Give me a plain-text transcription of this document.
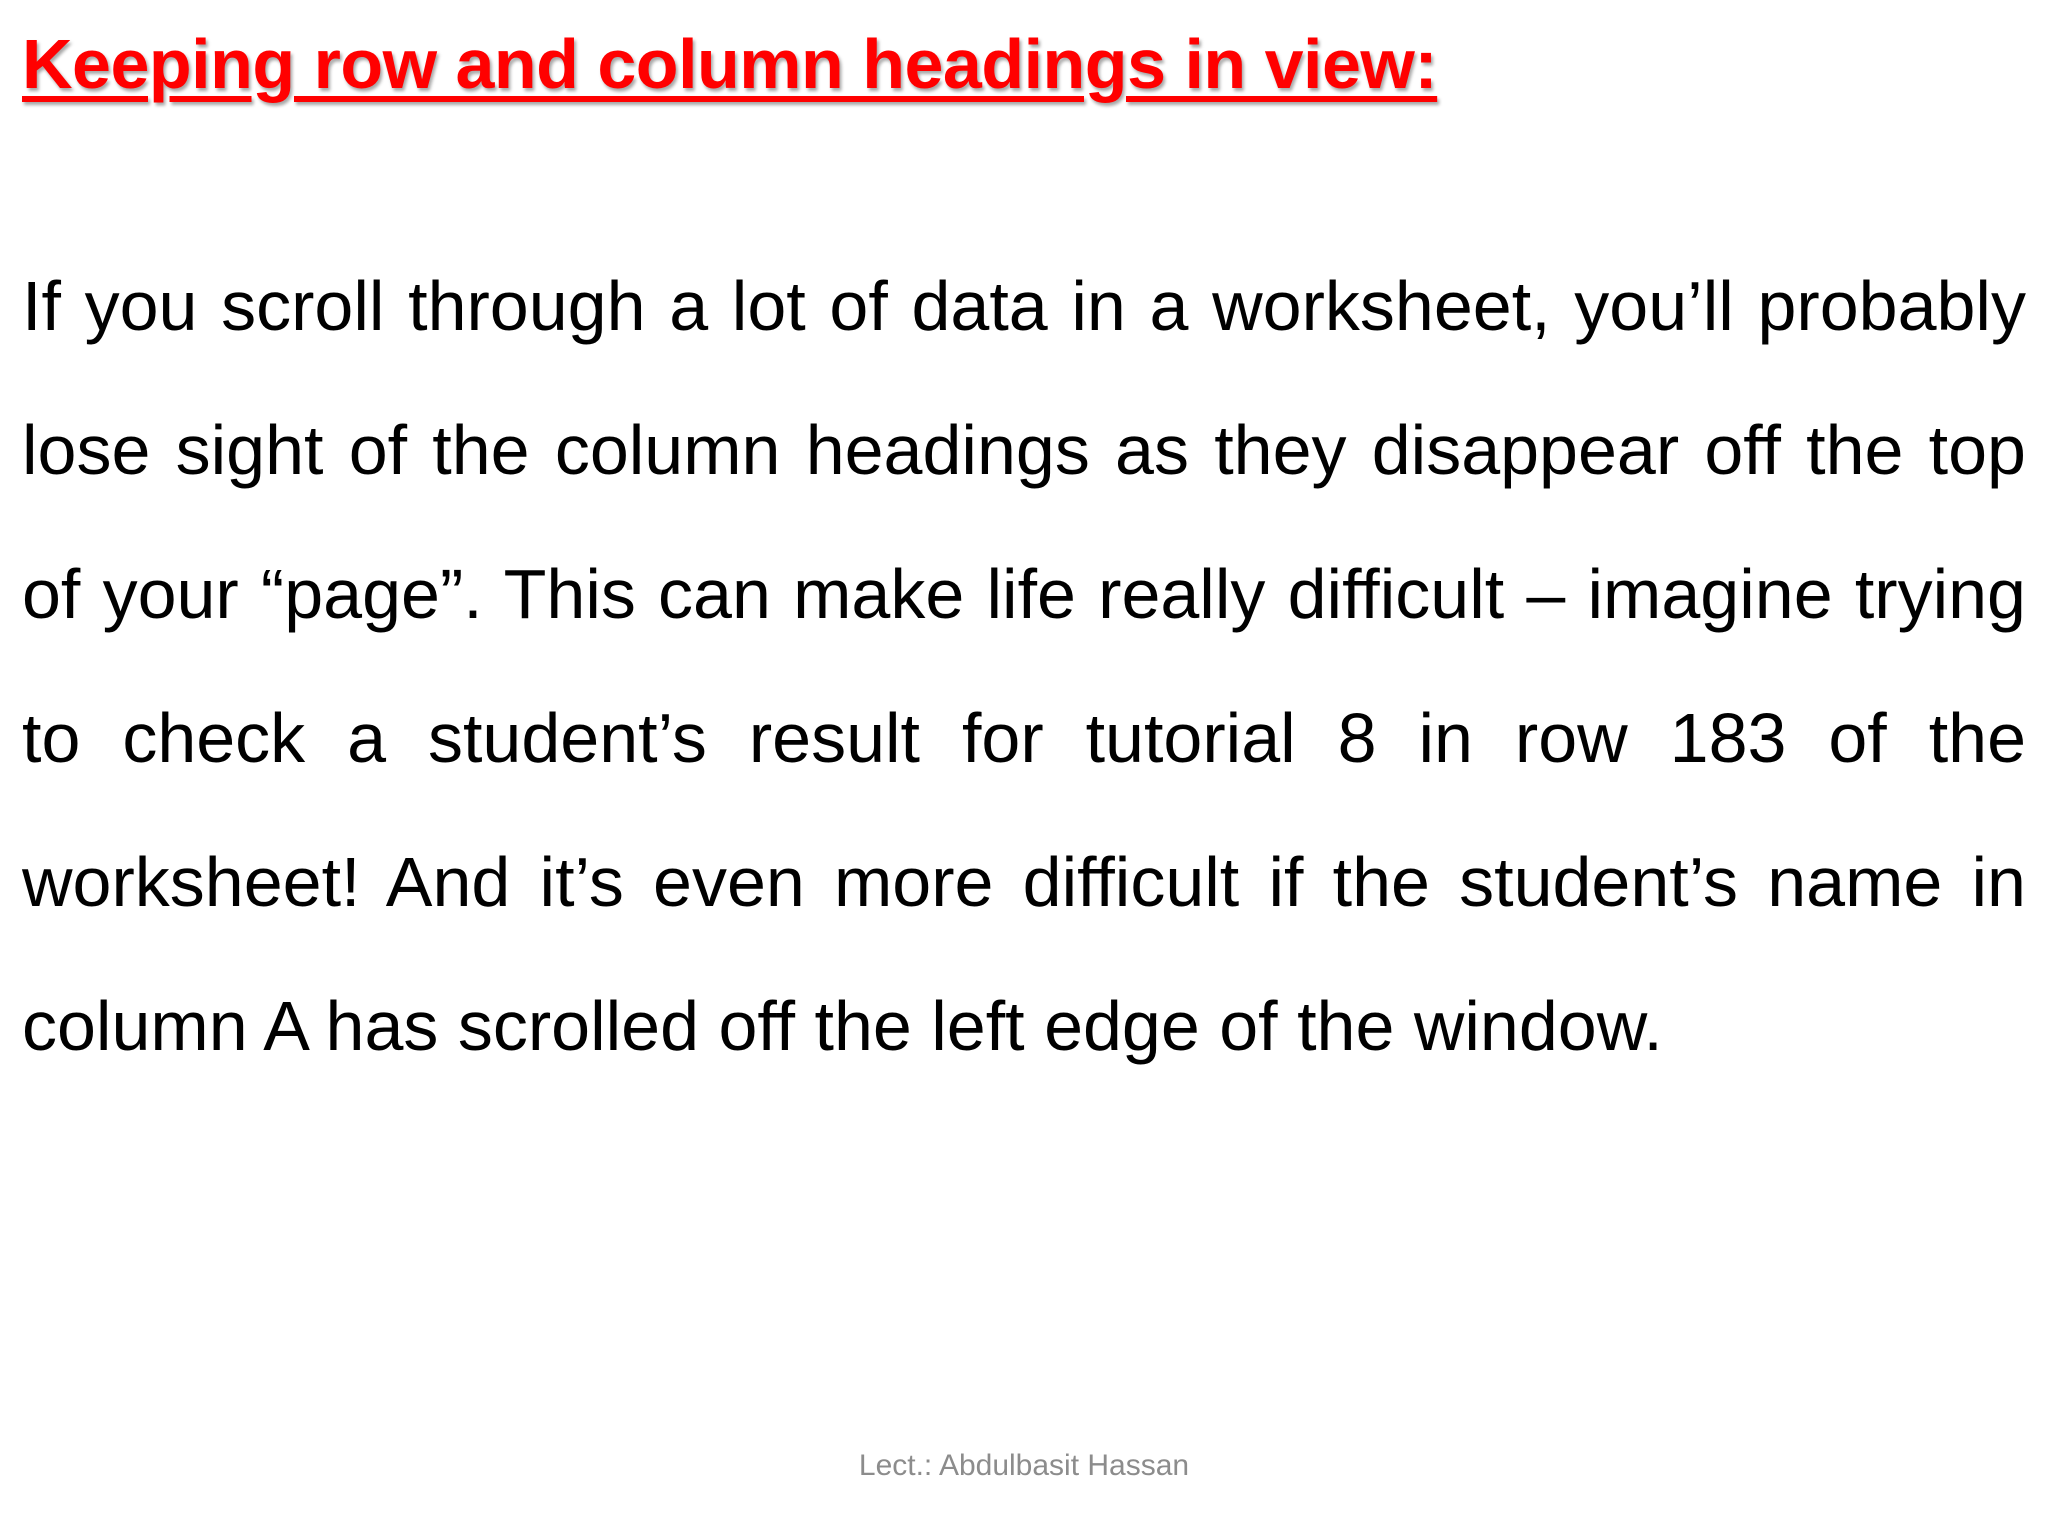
Keeping row and column headings in view:

If you scroll through a lot of data in a worksheet, you’ll probably lose sight of the column headings as they disappear off the top of your “page”. This can make life really difficult – imagine trying to check a student’s result for tutorial 8 in row 183 of the worksheet! And it’s even more difficult if the student’s name in column A has scrolled off the left edge of the window.

Lect.: Abdulbasit Hassan
